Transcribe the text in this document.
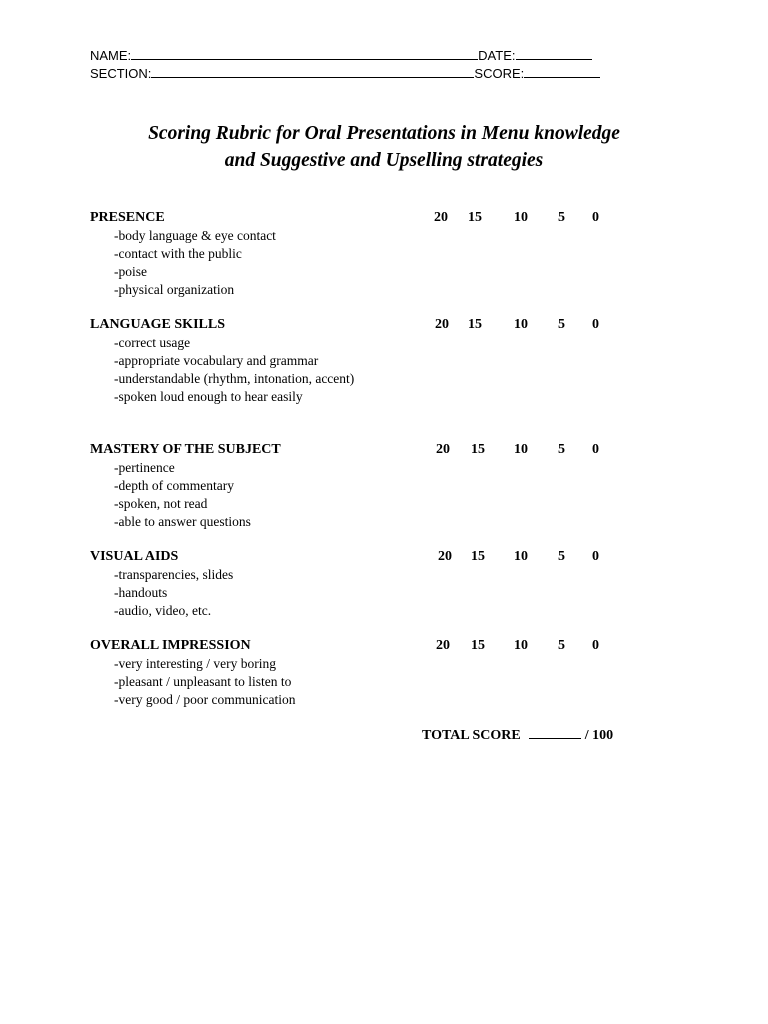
NAME:	DATE:
SECTION:	SCORE:
Scoring Rubric for Oral Presentations in Menu knowledge
and Suggestive and Upselling strategies
PRESENCE	20 15 10 5 0
-body language & eye contact
-contact with the public
-poise
-physical organization
LANGUAGE SKILLS	20 15 10 5 0
-correct usage
-appropriate vocabulary and grammar
-understandable (rhythm, intonation, accent)
-spoken loud enough to hear easily
MASTERY OF THE SUBJECT	20 15 10 5 0
-pertinence
-depth of commentary
-spoken, not read
-able to answer questions
VISUAL AIDS	20 15 10 5 0
-transparencies, slides
-handouts
-audio, video, etc.
OVERALL IMPRESSION	20 15 10 5 0
-very interesting / very boring
-pleasant / unpleasant to listen to
-very good / poor communication
TOTAL SCORE	/ 100
